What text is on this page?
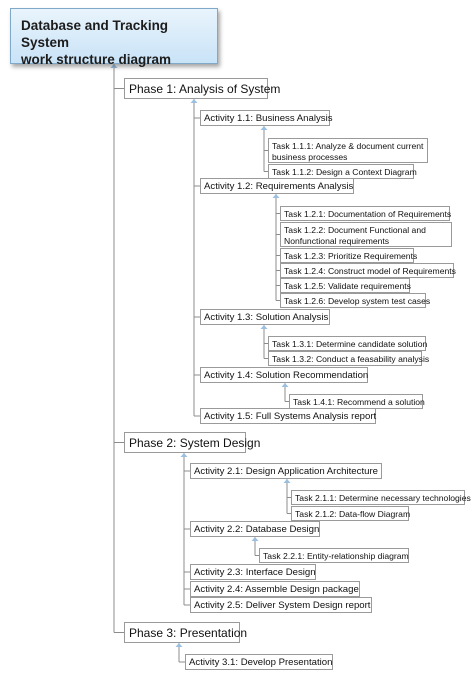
Database and Tracking System
work structure diagram
Phase 1: Analysis of System
Activity 1.1: Business Analysis
Task 1.1.1: Analyze & document current business processes
Task 1.1.2: Design a Context Diagram
Activity 1.2: Requirements Analysis
Task 1.2.1: Documentation of Requirements
Task 1.2.2: Document Functional and Nonfunctional requirements
Task 1.2.3: Prioritize Requirements
Task 1.2.4: Construct model of Requirements
Task 1.2.5: Validate requirements
Task 1.2.6: Develop system test cases
Activity 1.3: Solution Analysis
Task 1.3.1: Determine candidate solution
Task 1.3.2: Conduct a feasability analysis
Activity 1.4: Solution Recommendation
Task 1.4.1: Recommend a solution
Activity 1.5: Full Systems Analysis report
Phase 2: System Design
Activity 2.1: Design Application Architecture
Task 2.1.1: Determine necessary technologies
Task 2.1.2: Data-flow Diagram
Activity 2.2: Database Design
Task 2.2.1: Entity-relationship diagram
Activity 2.3: Interface Design
Activity 2.4: Assemble Design package
Activity 2.5: Deliver System Design report
Phase 3: Presentation
Activity 3.1: Develop Presentation
